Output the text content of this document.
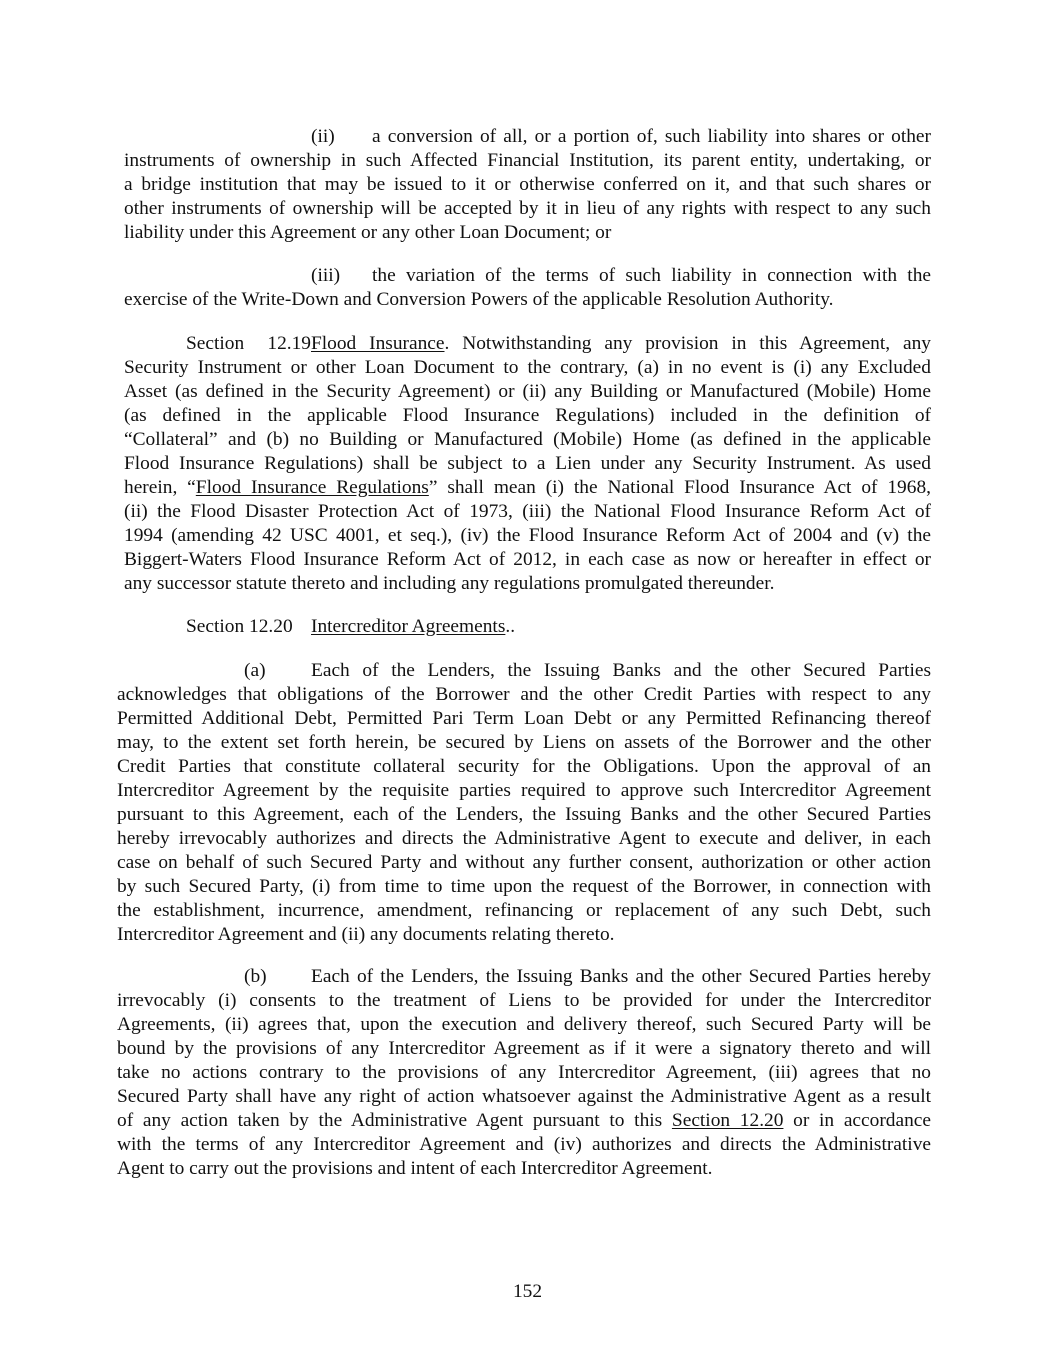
(ii) a conversion of all, or a portion of, such liability into shares or other
instruments of ownership in such Affected Financial Institution, its parent entity, undertaking, or
a bridge institution that may be issued to it or otherwise conferred on it, and that such shares or
other instruments of ownership will be accepted by it in lieu of any rights with respect to any such
liability under this Agreement or any other Loan Document; or
(iii) the variation of the terms of such liability in connection with the
exercise of the Write-Down and Conversion Powers of the applicable Resolution Authority.
Section 12.19Flood Insurance. Notwithstanding any provision in this Agreement, any
Security Instrument or other Loan Document to the contrary, (a) in no event is (i) any Excluded
Asset (as defined in the Security Agreement) or (ii) any Building or Manufactured (Mobile) Home
(as defined in the applicable Flood Insurance Regulations) included in the definition of
“Collateral” and (b) no Building or Manufactured (Mobile) Home (as defined in the applicable
Flood Insurance Regulations) shall be subject to a Lien under any Security Instrument. As used
herein, “Flood Insurance Regulations” shall mean (i) the National Flood Insurance Act of 1968,
(ii) the Flood Disaster Protection Act of 1973, (iii) the National Flood Insurance Reform Act of
1994 (amending 42 USC 4001, et seq.), (iv) the Flood Insurance Reform Act of 2004 and (v) the
Biggert-Waters Flood Insurance Reform Act of 2012, in each case as now or hereafter in effect or
any successor statute thereto and including any regulations promulgated thereunder.
Section 12.20 Intercreditor Agreements..
(a) Each of the Lenders, the Issuing Banks and the other Secured Parties
acknowledges that obligations of the Borrower and the other Credit Parties with respect to any
Permitted Additional Debt, Permitted Pari Term Loan Debt or any Permitted Refinancing thereof
may, to the extent set forth herein, be secured by Liens on assets of the Borrower and the other
Credit Parties that constitute collateral security for the Obligations. Upon the approval of an
Intercreditor Agreement by the requisite parties required to approve such Intercreditor Agreement
pursuant to this Agreement, each of the Lenders, the Issuing Banks and the other Secured Parties
hereby irrevocably authorizes and directs the Administrative Agent to execute and deliver, in each
case on behalf of such Secured Party and without any further consent, authorization or other action
by such Secured Party, (i) from time to time upon the request of the Borrower, in connection with
the establishment, incurrence, amendment, refinancing or replacement of any such Debt, such
Intercreditor Agreement and (ii) any documents relating thereto.
(b) Each of the Lenders, the Issuing Banks and the other Secured Parties hereby
irrevocably (i) consents to the treatment of Liens to be provided for under the Intercreditor
Agreements, (ii) agrees that, upon the execution and delivery thereof, such Secured Party will be
bound by the provisions of any Intercreditor Agreement as if it were a signatory thereto and will
take no actions contrary to the provisions of any Intercreditor Agreement, (iii) agrees that no
Secured Party shall have any right of action whatsoever against the Administrative Agent as a result
of any action taken by the Administrative Agent pursuant to this Section 12.20 or in accordance
with the terms of any Intercreditor Agreement and (iv) authorizes and directs the Administrative
Agent to carry out the provisions and intent of each Intercreditor Agreement.
152
